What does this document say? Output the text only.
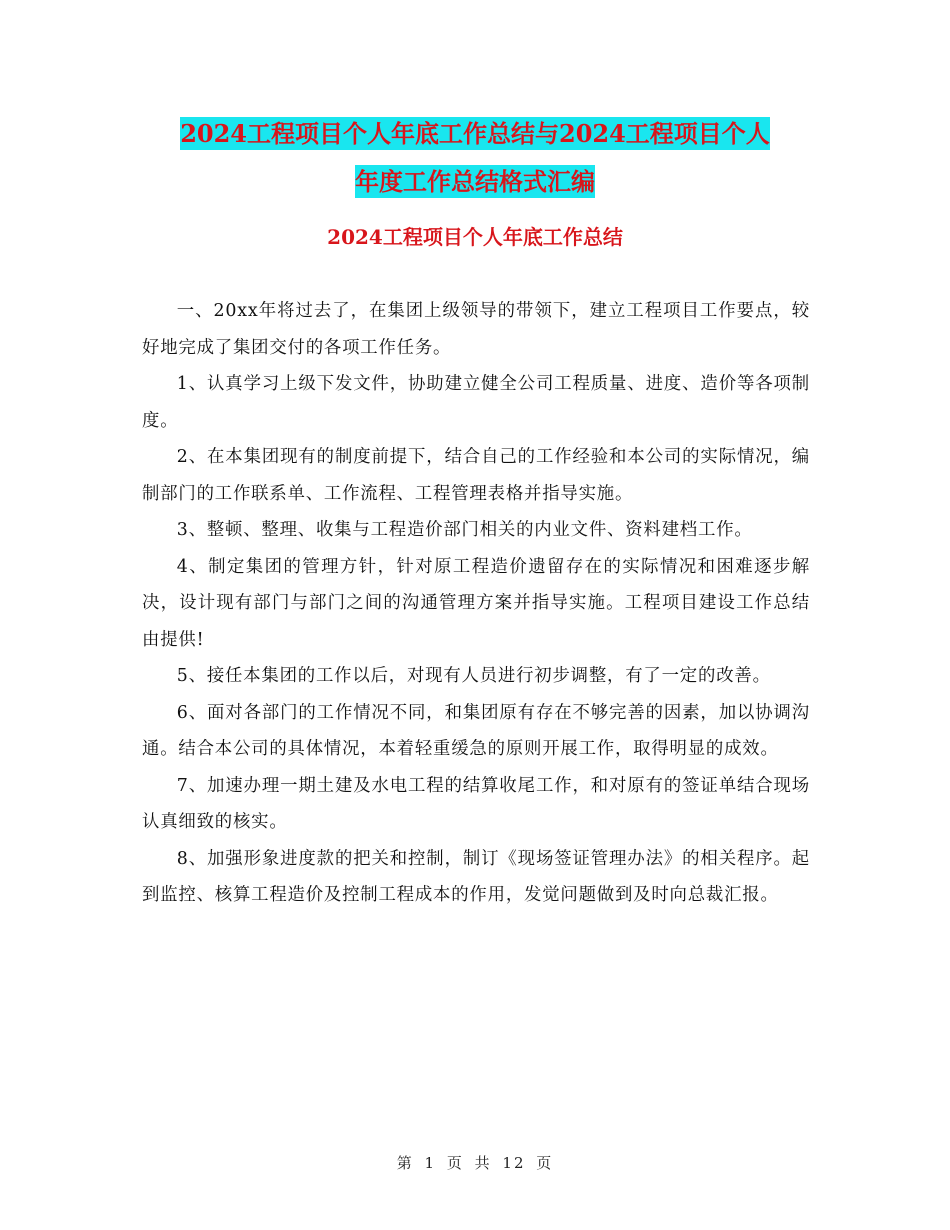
2024工程项目个人年底工作总结与2024工程项目个人
年度工作总结格式汇编
2024工程项目个人年底工作总结

一、20xx年将过去了，在集团上级领导的带领下，建立工程项目工作要点，较好地完成了集团交付的各项工作任务。

1、认真学习上级下发文件，协助建立健全公司工程质量、进度、造价等各项制度。

2、在本集团现有的制度前提下，结合自己的工作经验和本公司的实际情况，编制部门的工作联系单、工作流程、工程管理表格并指导实施。

3、整顿、整理、收集与工程造价部门相关的内业文件、资料建档工作。

4、制定集团的管理方针，针对原工程造价遗留存在的实际情况和困难逐步解决，设计现有部门与部门之间的沟通管理方案并指导实施。工程项目建设工作总结由提供!

5、接任本集团的工作以后，对现有人员进行初步调整，有了一定的改善。

6、面对各部门的工作情况不同，和集团原有存在不够完善的因素，加以协调沟通。结合本公司的具体情况，本着轻重缓急的原则开展工作，取得明显的成效。

7、加速办理一期土建及水电工程的结算收尾工作，和对原有的签证单结合现场认真细致的核实。

8、加强形象进度款的把关和控制，制订《现场签证管理办法》的相关程序。起到监控、核算工程造价及控制工程成本的作用，发觉问题做到及时向总裁汇报。

第 1 页 共 12 页
